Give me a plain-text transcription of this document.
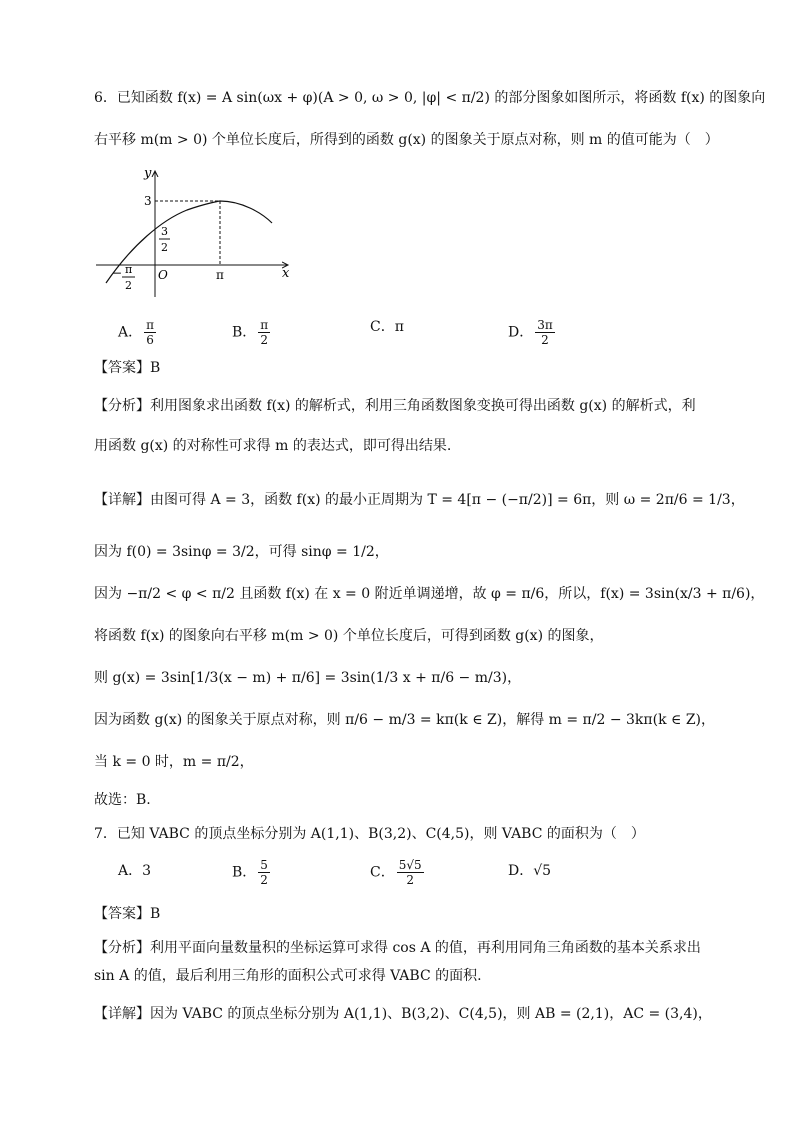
6．已知函数 f(x) = A sin(ωx + φ)(A > 0, ω > 0, |φ| < π/2) 的部分图象如图所示，将函数 f(x) 的图象向
右平移 m(m > 0) 个单位长度后，所得到的函数 g(x) 的图象关于原点对称，则 m 的值可能为（　）
y
x
O
3
3
2
π
− π
2
A． $\frac{\pi}{6}$	B． $\frac{\pi}{2}$	C．π	D． $\frac{3\pi}{2}$
【答案】B
【分析】利用图象求出函数 f(x) 的解析式，利用三角函数图象变换可得出函数 g(x) 的解析式，利
用函数 g(x) 的对称性可求得 m 的表达式，即可得出结果.
【详解】由图可得 A = 3，函数 f(x) 的最小正周期为 T = 4[π − (−π/2)] = 6π，则 ω = 2π/6 = 1/3，
因为 f(0) = 3sinφ = 3/2，可得 sinφ = 1/2，
因为 −π/2 < φ < π/2 且函数 f(x) 在 x = 0 附近单调递增，故 φ = π/6，所以，f(x) = 3sin(x/3 + π/6)，
将函数 f(x) 的图象向右平移 m(m > 0) 个单位长度后，可得到函数 g(x) 的图象，
则 g(x) = 3sin[1/3(x − m) + π/6] = 3sin(1/3 x + π/6 − m/3)，
因为函数 g(x) 的图象关于原点对称，则 π/6 − m/3 = kπ(k ∈ Z)，解得 m = π/2 − 3kπ(k ∈ Z)，
当 k = 0 时，m = π/2，
故选：B.
7．已知 VABC 的顶点坐标分别为 A(1,1)、B(3,2)、C(4,5)，则 VABC 的面积为（　）
A．3	B． $\frac{5}{2}$	C． $\frac{5√5}{2}$	D．√5
【答案】B
【分析】利用平面向量数量积的坐标运算可求得 cos A 的值，再利用同角三角函数的基本关系求出
sin A 的值，最后利用三角形的面积公式可求得 VABC 的面积.
【详解】因为 VABC 的顶点坐标分别为 A(1,1)、B(3,2)、C(4,5)，则 AB = (2,1)，AC = (3,4)，
